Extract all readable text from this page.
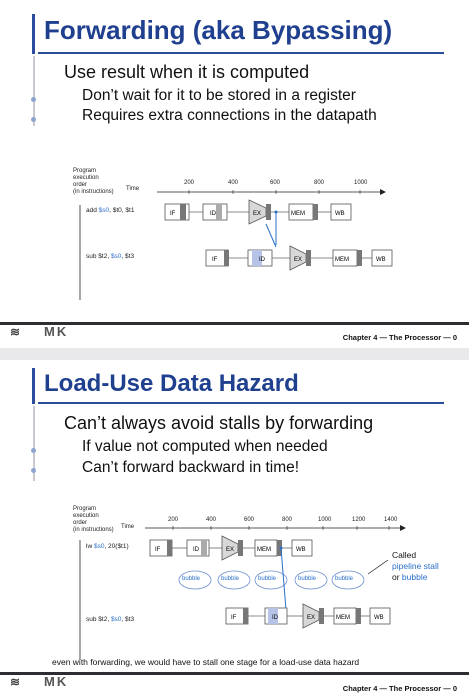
Forwarding (aka Bypassing)
Use result when it is computed
Don’t wait for it to be stored in a register
Requires extra connections in the datapath
Program
execution
order
(in instructions) Time
200	400	600	800	1000
add $s0, $t0, $t1
sub $t2, $s0, $t3
IF	ID	EX	MEM	WB
IF	ID	EX	MEM	WB
≋ MK	Chapter 4 — The Processor — 0
Load-Use Data Hazard
Can’t always avoid stalls by forwarding
If value not computed when needed
Can’t forward backward in time!
Program
execution
order
(in instructions) Time
200	400	600	800	1000	1200	1400
lw $s0, 20($t1)
sub $t2, $s0, $t3
Called
pipeline stall
or bubble
IF	ID	EX	MEM	WB
IF	ID	EX	MEM	WB
bubble	bubble	bubble	bubble	bubble
even with forwarding, we would have to stall one stage for a load-use data hazard
≋ MK	Chapter 4 — The Processor — 0
